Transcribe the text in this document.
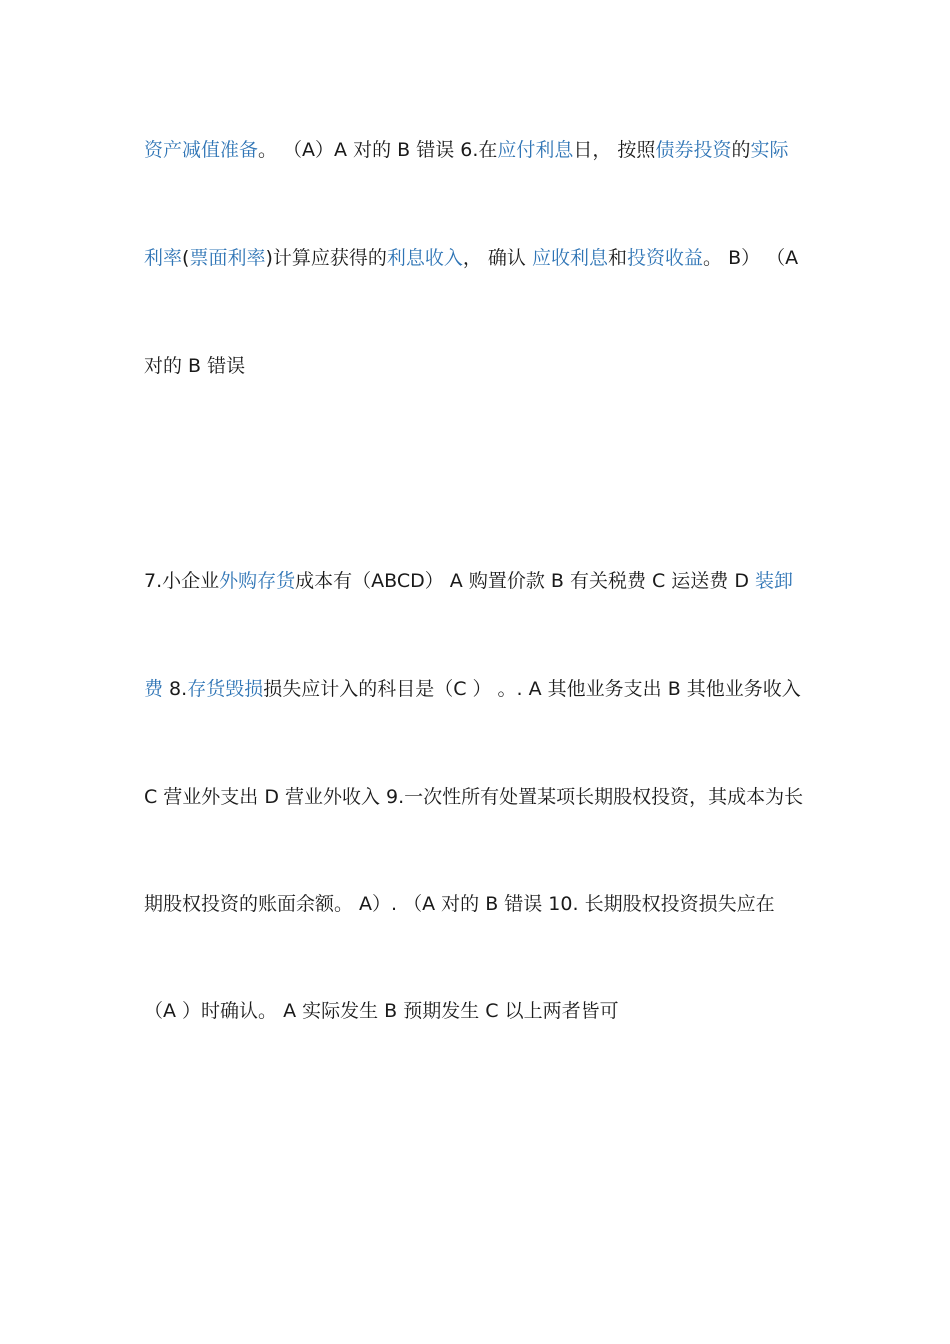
资产减值准备。 （A）A 对的 B 错误 6.在应付利息日， 按照债券投资的实际
利率(票面利率)计算应获得的利息收入， 确认 应收利息和投资收益。 B） （A
对的 B 错误
7.小企业外购存货成本有（ABCD） A 购置价款 B 有关税费 C 运送费 D 装卸
费 8.存货毁损损失应计入的科目是（C ） 。. A 其他业务支出 B 其他业务收入
C 营业外支出 D 营业外收入 9.一次性所有处置某项长期股权投资，其成本为长
期股权投资的账面余额。 A）. （A 对的 B 错误 10. 长期股权投资损失应在
（A ）时确认。 A 实际发生 B 预期发生 C 以上两者皆可
